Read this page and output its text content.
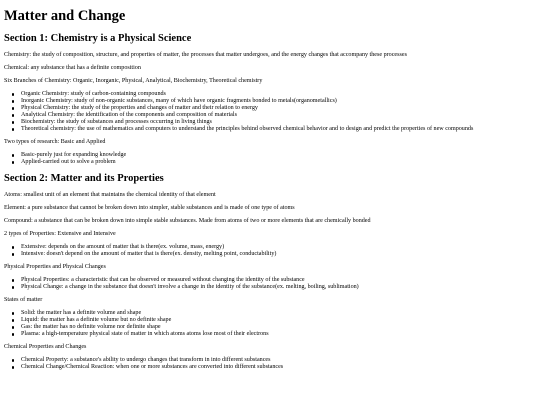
Matter and Change
Section 1: Chemistry is a Physical Science

Chemistry: the study of composition, structure, and properties of matter, the processes that matter undergoes, and the energy changes that accompany these processes

Chemical: any substance that has a definite composition

Six Branches of Chemistry: Organic, Inorganic, Physical, Analytical, Biochemistry, Theoretical chemistry

Organic Chemistry: study of carbon-containing compounds
Inorganic Chemistry: study of non-organic substances, many of which have organic fragments bonded to metals(organometallics)
Physical Chemistry: the study of the properties and changes of matter and their relation to energy
Analytical Chemistry: the identification of the components and composition of materials
Biochemistry: the study of substances and processes occurring in living things
Theoretical chemistry: the use of mathematics and computers to understand the principles behind observed chemical behavior and to design and predict the properties of new compounds

Two types of research: Basic and Applied

Basic-purely just for expanding knowledge
Applied-carried out to solve a problem
Section 2: Matter and its Properties

Atoms: smallest unit of an element that maintains the chemical identity of that element

Element: a pure substance that cannot be broken down into simpler, stable substances and is made of one type of atoms

Compound: a substance that can be broken down into simple stable substances. Made from atoms of two or more elements that are chemically bonded

2 types of Properties: Extensive and Intensive

Extensive: depends on the amount of matter that is there(ex. volume, mass, energy)
Intensive: doesn't depend on the amount of matter that is there(ex. density, melting point, conductability)

Physical Properties and Physical Changes

Physical Properties: a characteristic that can be observed or measured without changing the identity of the substance
Physical Change: a change in the substance that doesn't involve a change in the identity of the substance(ex. melting, boiling, sublimation)

States of matter

Solid: the matter has a definite volume and shape
Liquid: the matter has a definite volume but no definite shape
Gas: the matter has no definite volume nor definite shape
Plasma: a high-temperature physical state of matter in which atoms atoms lose most of their electrons

Chemical Properties and Changes

Chemical Property: a substance's ability to undergo changes that transform in into different substances
Chemical Change/Chemical Reaction: when one or more substances are converted into different substances
